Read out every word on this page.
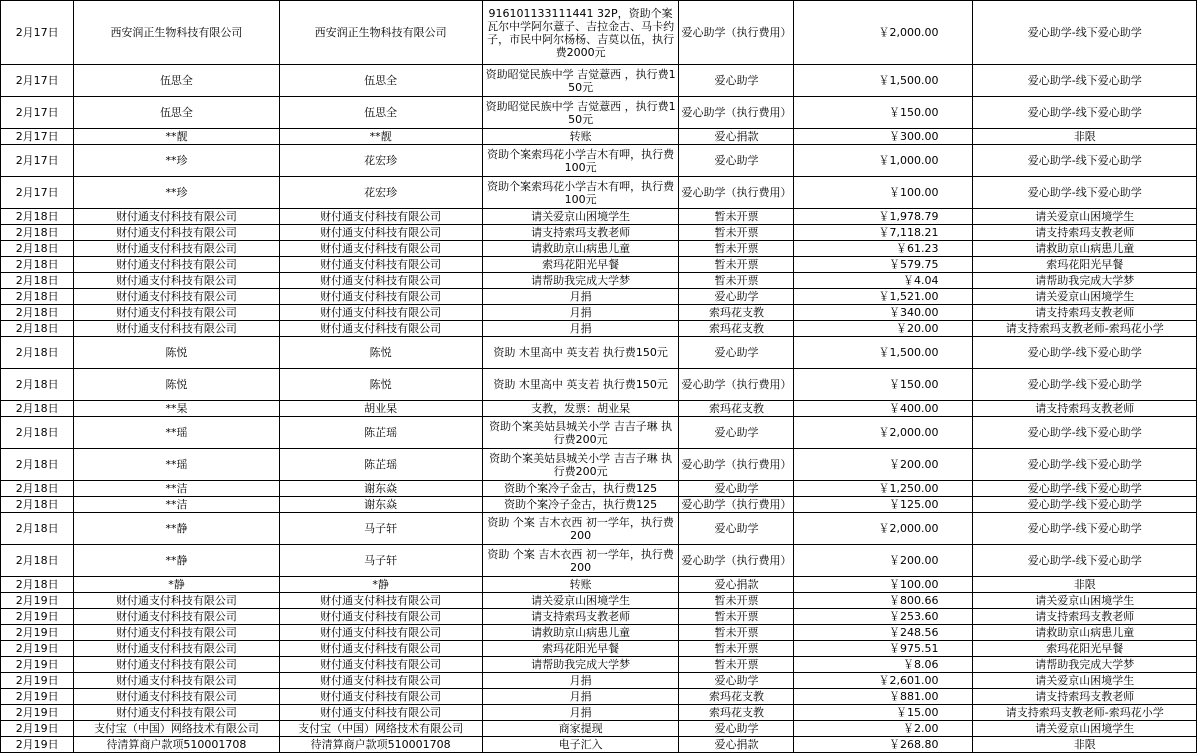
2月17日	西安润正生物科技有限公司	西安润正生物科技有限公司	916101133111441 32P，资助个案瓦尔中学阿尔薏子、吉拉金古、马卡约子，市民中阿尔杨杨、吉莫以伍，执行费2000元	爱心助学（执行费用）	￥2,000.00	爱心助学-线下爱心助学
2月17日	伍思全	伍思全	资助昭觉民族中学 吉觉薏西 ，执行费150元	爱心助学	￥1,500.00	爱心助学-线下爱心助学
2月17日	伍思全	伍思全	资助昭觉民族中学 吉觉薏西 ，执行费150元	爱心助学（执行费用）	￥150.00	爱心助学-线下爱心助学
2月17日	**靓	**靓	转账	爱心捐款	￥300.00	非限
2月17日	**珍	花宏珍	资助个案索玛花小学吉木有呷，执行费100元	爱心助学	￥1,000.00	爱心助学-线下爱心助学
2月17日	**珍	花宏珍	资助个案索玛花小学吉木有呷，执行费100元	爱心助学（执行费用）	￥100.00	爱心助学-线下爱心助学
2月18日	财付通支付科技有限公司	财付通支付科技有限公司	请关爱京山困境学生	暂未开票	￥1,978.79	请关爱京山困境学生
2月18日	财付通支付科技有限公司	财付通支付科技有限公司	请支持索玛支教老师	暂未开票	￥7,118.21	请支持索玛支教老师
2月18日	财付通支付科技有限公司	财付通支付科技有限公司	请救助京山病患儿童	暂未开票	￥61.23	请救助京山病患儿童
2月18日	财付通支付科技有限公司	财付通支付科技有限公司	索玛花阳光早餐	暂未开票	￥579.75	索玛花阳光早餐
2月18日	财付通支付科技有限公司	财付通支付科技有限公司	请帮助我完成大学梦	暂未开票	￥4.04	请帮助我完成大学梦
2月18日	财付通支付科技有限公司	财付通支付科技有限公司	月捐	爱心助学	￥1,521.00	请关爱京山困境学生
2月18日	财付通支付科技有限公司	财付通支付科技有限公司	月捐	索玛花支教	￥340.00	请支持索玛支教老师
2月18日	财付通支付科技有限公司	财付通支付科技有限公司	月捐	索玛花支教	￥20.00	请支持索玛支教老师-索玛花小学
2月18日	陈悦	陈悦	资助 木里高中 英支若 执行费150元	爱心助学	￥1,500.00	爱心助学-线下爱心助学
2月18日	陈悦	陈悦	资助 木里高中 英支若 执行费150元	爱心助学（执行费用）	￥150.00	爱心助学-线下爱心助学
2月18日	**杲	胡业杲	支教，发票：胡业杲	索玛花支教	￥400.00	请支持索玛支教老师
2月18日	**瑶	陈芷瑶	资助个案美姑县城关小学 吉吉子琳 执行费200元	爱心助学	￥2,000.00	爱心助学-线下爱心助学
2月18日	**瑶	陈芷瑶	资助个案美姑县城关小学 吉吉子琳 执行费200元	爱心助学（执行费用）	￥200.00	爱心助学-线下爱心助学
2月18日	**洁	谢东焱	资助个案冷子金古，执行费125	爱心助学	￥1,250.00	爱心助学-线下爱心助学
2月18日	**洁	谢东焱	资助个案冷子金古，执行费125	爱心助学（执行费用）	￥125.00	爱心助学-线下爱心助学
2月18日	**静	马子轩	资助 个案 吉木衣西 初一学年，执行费200	爱心助学	￥2,000.00	爱心助学-线下爱心助学
2月18日	**静	马子轩	资助 个案 吉木衣西 初一学年，执行费200	爱心助学（执行费用）	￥200.00	爱心助学-线下爱心助学
2月18日	*静	*静	转账	爱心捐款	￥100.00	非限
2月19日	财付通支付科技有限公司	财付通支付科技有限公司	请关爱京山困境学生	暂未开票	￥800.66	请关爱京山困境学生
2月19日	财付通支付科技有限公司	财付通支付科技有限公司	请支持索玛支教老师	暂未开票	￥253.60	请支持索玛支教老师
2月19日	财付通支付科技有限公司	财付通支付科技有限公司	请救助京山病患儿童	暂未开票	￥248.56	请救助京山病患儿童
2月19日	财付通支付科技有限公司	财付通支付科技有限公司	索玛花阳光早餐	暂未开票	￥975.51	索玛花阳光早餐
2月19日	财付通支付科技有限公司	财付通支付科技有限公司	请帮助我完成大学梦	暂未开票	￥8.06	请帮助我完成大学梦
2月19日	财付通支付科技有限公司	财付通支付科技有限公司	月捐	爱心助学	￥2,601.00	请关爱京山困境学生
2月19日	财付通支付科技有限公司	财付通支付科技有限公司	月捐	索玛花支教	￥881.00	请支持索玛支教老师
2月19日	财付通支付科技有限公司	财付通支付科技有限公司	月捐	索玛花支教	￥15.00	请支持索玛支教老师-索玛花小学
2月19日	支付宝（中国）网络技术有限公司	支付宝（中国）网络技术有限公司	商家提现	爱心助学	￥2.00	请关爱京山困境学生
2月19日	待清算商户款项510001708	待清算商户款项510001708	电子汇入	爱心捐款	￥268.80	非限
